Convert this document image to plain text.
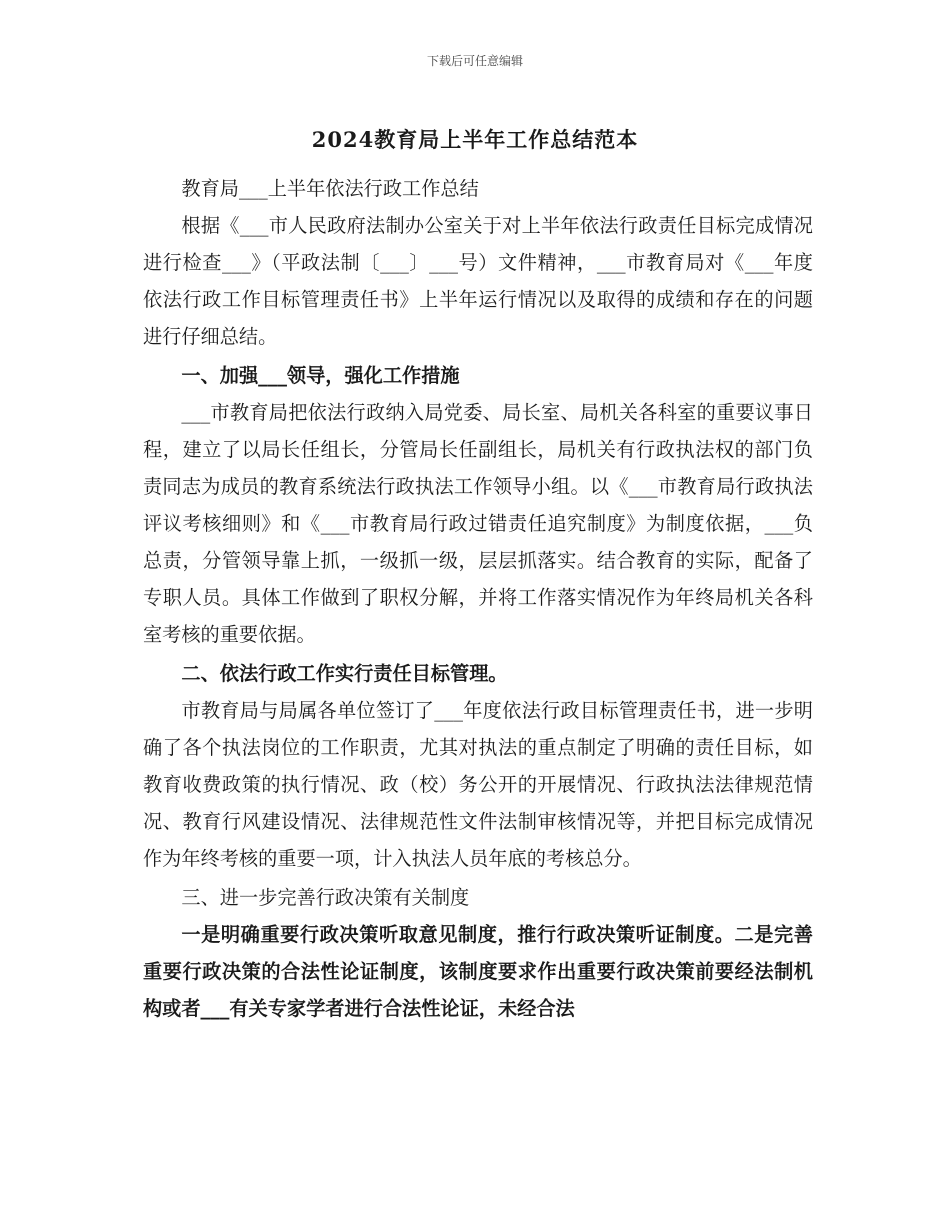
下载后可任意编辑
2024教育局上半年工作总结范本

教育局___上半年依法行政工作总结

根据《___市人民政府法制办公室关于对上半年依法行政责任目标完成情况进行检查___》（平政法制〔___〕___号）文件精神，___市教育局对《___年度依法行政工作目标管理责任书》上半年运行情况以及取得的成绩和存在的问题进行仔细总结。

一、加强___领导，强化工作措施

___市教育局把依法行政纳入局党委、局长室、局机关各科室的重要议事日程，建立了以局长任组长，分管局长任副组长，局机关有行政执法权的部门负责同志为成员的教育系统法行政执法工作领导小组。以《___市教育局行政执法评议考核细则》和《___市教育局行政过错责任追究制度》为制度依据，___负总责，分管领导靠上抓，一级抓一级，层层抓落实。结合教育的实际，配备了专职人员。具体工作做到了职权分解，并将工作落实情况作为年终局机关各科室考核的重要依据。

二、依法行政工作实行责任目标管理。

市教育局与局属各单位签订了___年度依法行政目标管理责任书，进一步明确了各个执法岗位的工作职责，尤其对执法的重点制定了明确的责任目标，如教育收费政策的执行情况、政（校）务公开的开展情况、行政执法法律规范情况、教育行风建设情况、法律规范性文件法制审核情况等，并把目标完成情况作为年终考核的重要一项，计入执法人员年底的考核总分。

三、进一步完善行政决策有关制度

一是明确重要行政决策听取意见制度，推行行政决策听证制度。二是完善重要行政决策的合法性论证制度，该制度要求作出重要行政决策前要经法制机构或者___有关专家学者进行合法性论证，未经合法
